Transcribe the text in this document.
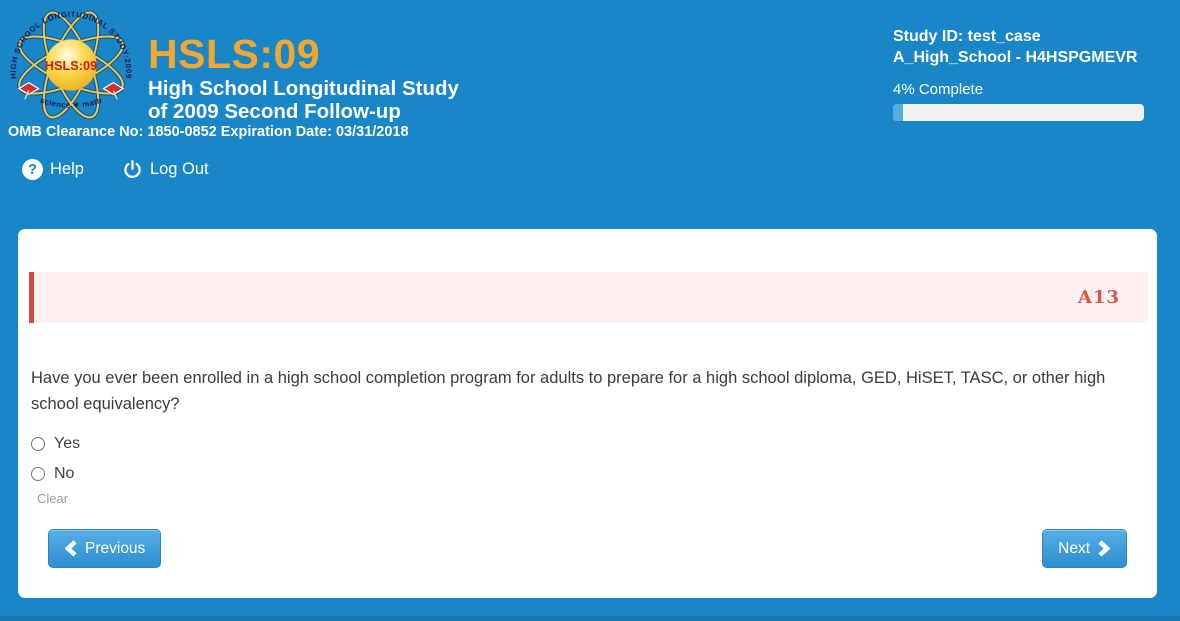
HSLS:09
HIGH SCHOOL LONGITUDINAL STUDY:2009
science ✶ math
HSLS:09
High School Longitudinal Study
of 2009 Second Follow-up
OMB Clearance No: 1850-0852 Expiration Date: 03/31/2018
Study ID: test_case
A_High_School - H4HSPGMEVR
4% Complete
? Help	Log Out
A13
Have you ever been enrolled in a high school completion program for adults to prepare for a high school diploma, GED, HiSET, TASC, or other high school equivalency?
Yes
No
Clear
Previous	Next
